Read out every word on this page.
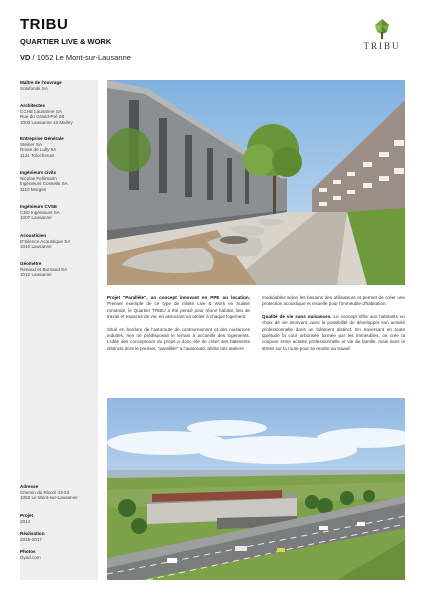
TRIBU
QUARTIER LIVE & WORK
VD / 1052 Le Mont-sur-Lausanne
TRIBU
Maître de l'ouvrage
Solufonds SA
Architectes
CCHE Lausanne SA
Rue du Grand-Pré 2B
1000 Lausanne 16 Malley
Entreprise Générale
Steiner SA
Route de Lully 5A
1131 Tolochenaz
Ingénieurs civils
Nicolas Fehlmann
Ingénieurs Conseils SA
1110 Morges
Ingénieurs CVSE
CSD Ingénieurs SA
1007 Lausanne
Acousticien
D'Silence Acoustique SA
1010 Lausanne
Géomètre
Renaud et Burnand SA
1012 Lausanne
Adresse
Chemin du Rionzi 43-53
1052 Le Mont-sur-Lausanne
Projet
2014
Réalisation
2015-2017
Photos
Dyod.com

Projet "Parallèle", un concept innovant en PPE ou location. Premier exemple de ce type de mixité Live & Work en Suisse romande, le Quartier TRIBU a été pensé pour réunir habitat, lieu de travail et espaces de vie, en associant un atelier à chaque logement.

Situé en bordure de l'autoroute de contournement et des nuisances induites, rien ne prédisposait le terrain à accueillir des logements. L'idée des concepteurs du projet a donc été de créer des bâtiments distincts dont le premier, "parallèle" à l'autoroute, abrite des ateliers

modulables selon les besoins des utilisateurs et permet de créer une protection acoustique et visuelle pour l'immeuble d'habitation.

Qualité de vie sans nuisances. Le concept offre aux habitants un choix de vie innovant, avec la possibilité de développer son activité professionnelle dans un bâtiment distinct. En traversant en toute quiétude la cour arborisée formée par les immeubles, on crée la coupure entre activité professionnelle et vie de famille, mais sans le stress sur la route pour se rendre au travail.
